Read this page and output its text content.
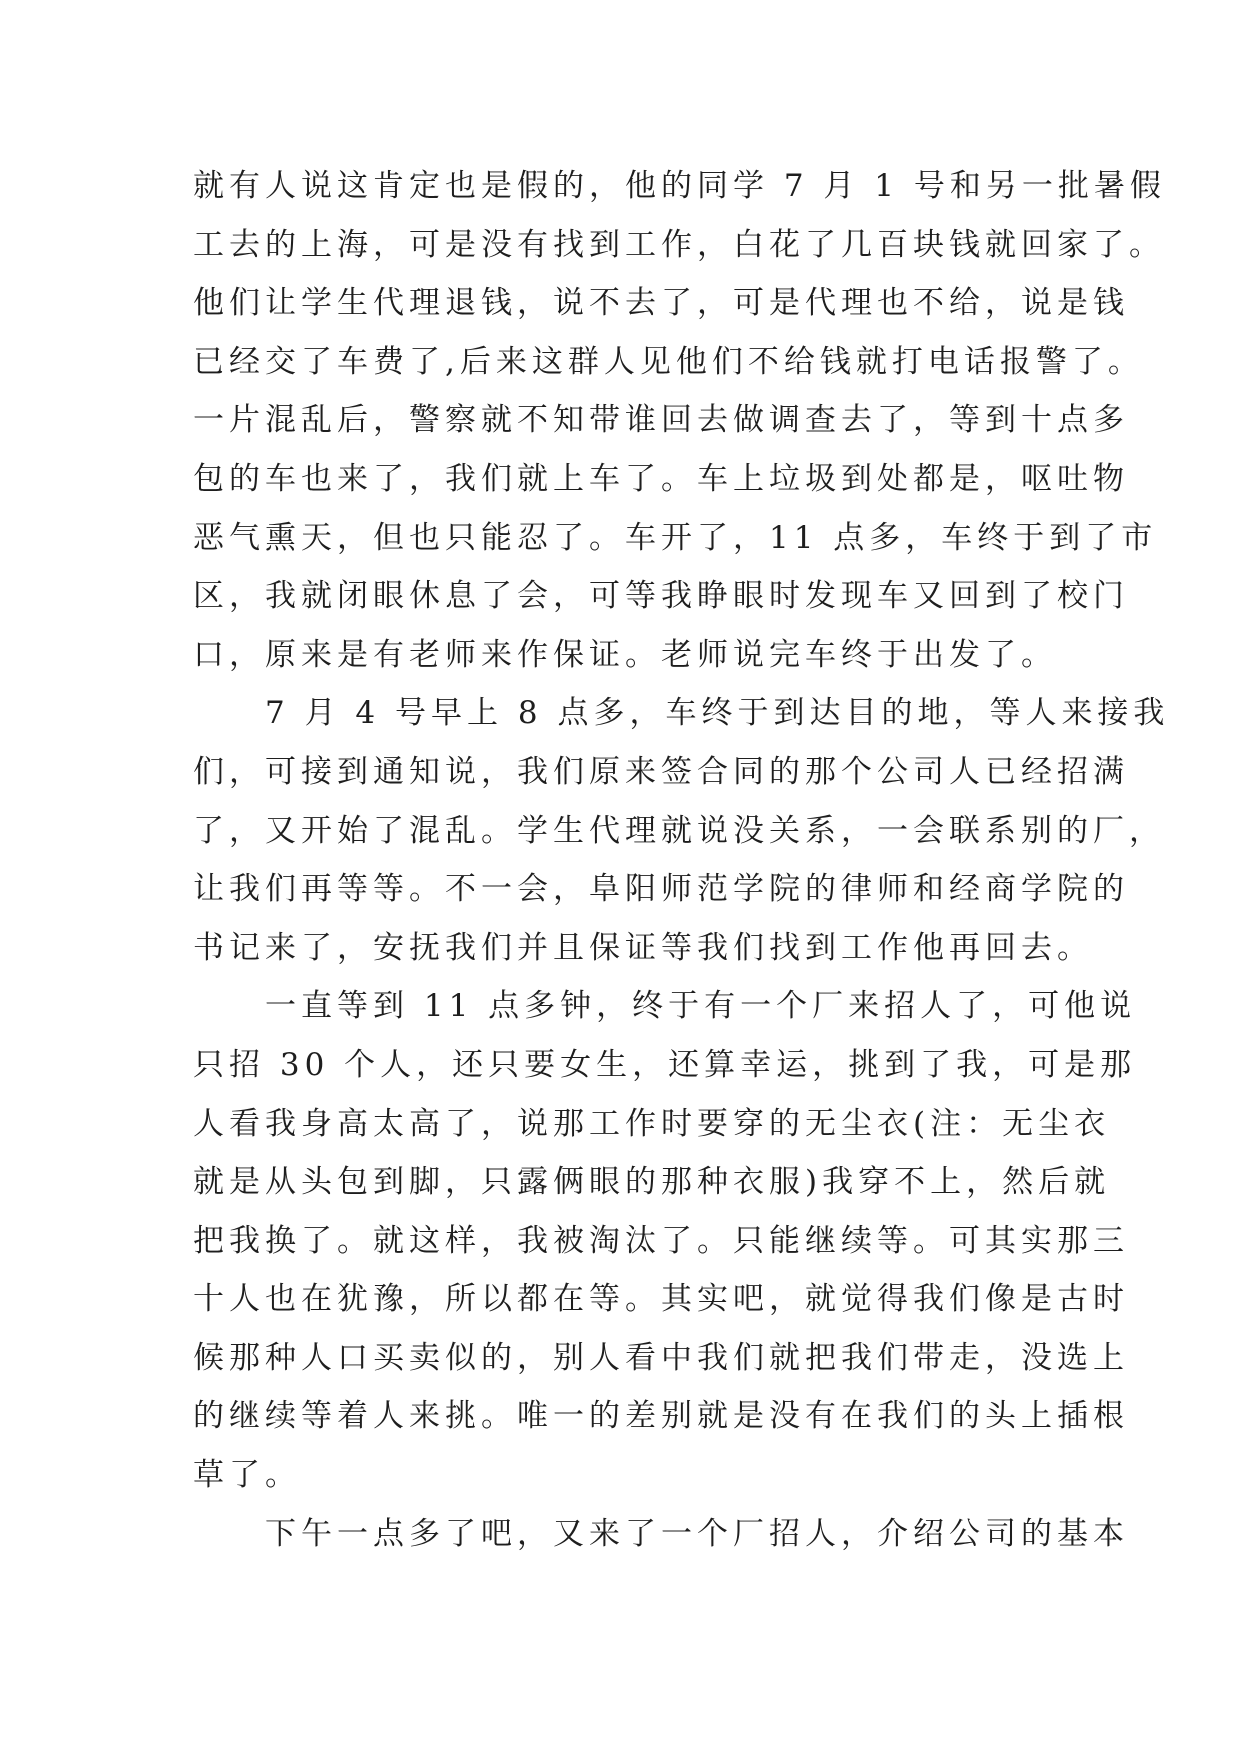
就有人说这肯定也是假的，他的同学 7 月 1 号和另一批暑假
工去的上海，可是没有找到工作，白花了几百块钱就回家了。
他们让学生代理退钱，说不去了，可是代理也不给，说是钱
已经交了车费了,后来这群人见他们不给钱就打电话报警了。
一片混乱后，警察就不知带谁回去做调查去了，等到十点多
包的车也来了，我们就上车了。车上垃圾到处都是，呕吐物
恶气熏天，但也只能忍了。车开了，11 点多，车终于到了市
区，我就闭眼休息了会，可等我睁眼时发现车又回到了校门
口，原来是有老师来作保证。老师说完车终于出发了。
7 月 4 号早上 8 点多，车终于到达目的地，等人来接我
们，可接到通知说，我们原来签合同的那个公司人已经招满
了，又开始了混乱。学生代理就说没关系，一会联系别的厂，
让我们再等等。不一会，阜阳师范学院的律师和经商学院的
书记来了，安抚我们并且保证等我们找到工作他再回去。
一直等到 11 点多钟，终于有一个厂来招人了，可他说
只招 30 个人，还只要女生，还算幸运，挑到了我，可是那
人看我身高太高了，说那工作时要穿的无尘衣(注：无尘衣
就是从头包到脚，只露俩眼的那种衣服)我穿不上，然后就
把我换了。就这样，我被淘汰了。只能继续等。可其实那三
十人也在犹豫，所以都在等。其实吧，就觉得我们像是古时
候那种人口买卖似的，别人看中我们就把我们带走，没选上
的继续等着人来挑。唯一的差别就是没有在我们的头上插根
草了。
下午一点多了吧，又来了一个厂招人，介绍公司的基本
